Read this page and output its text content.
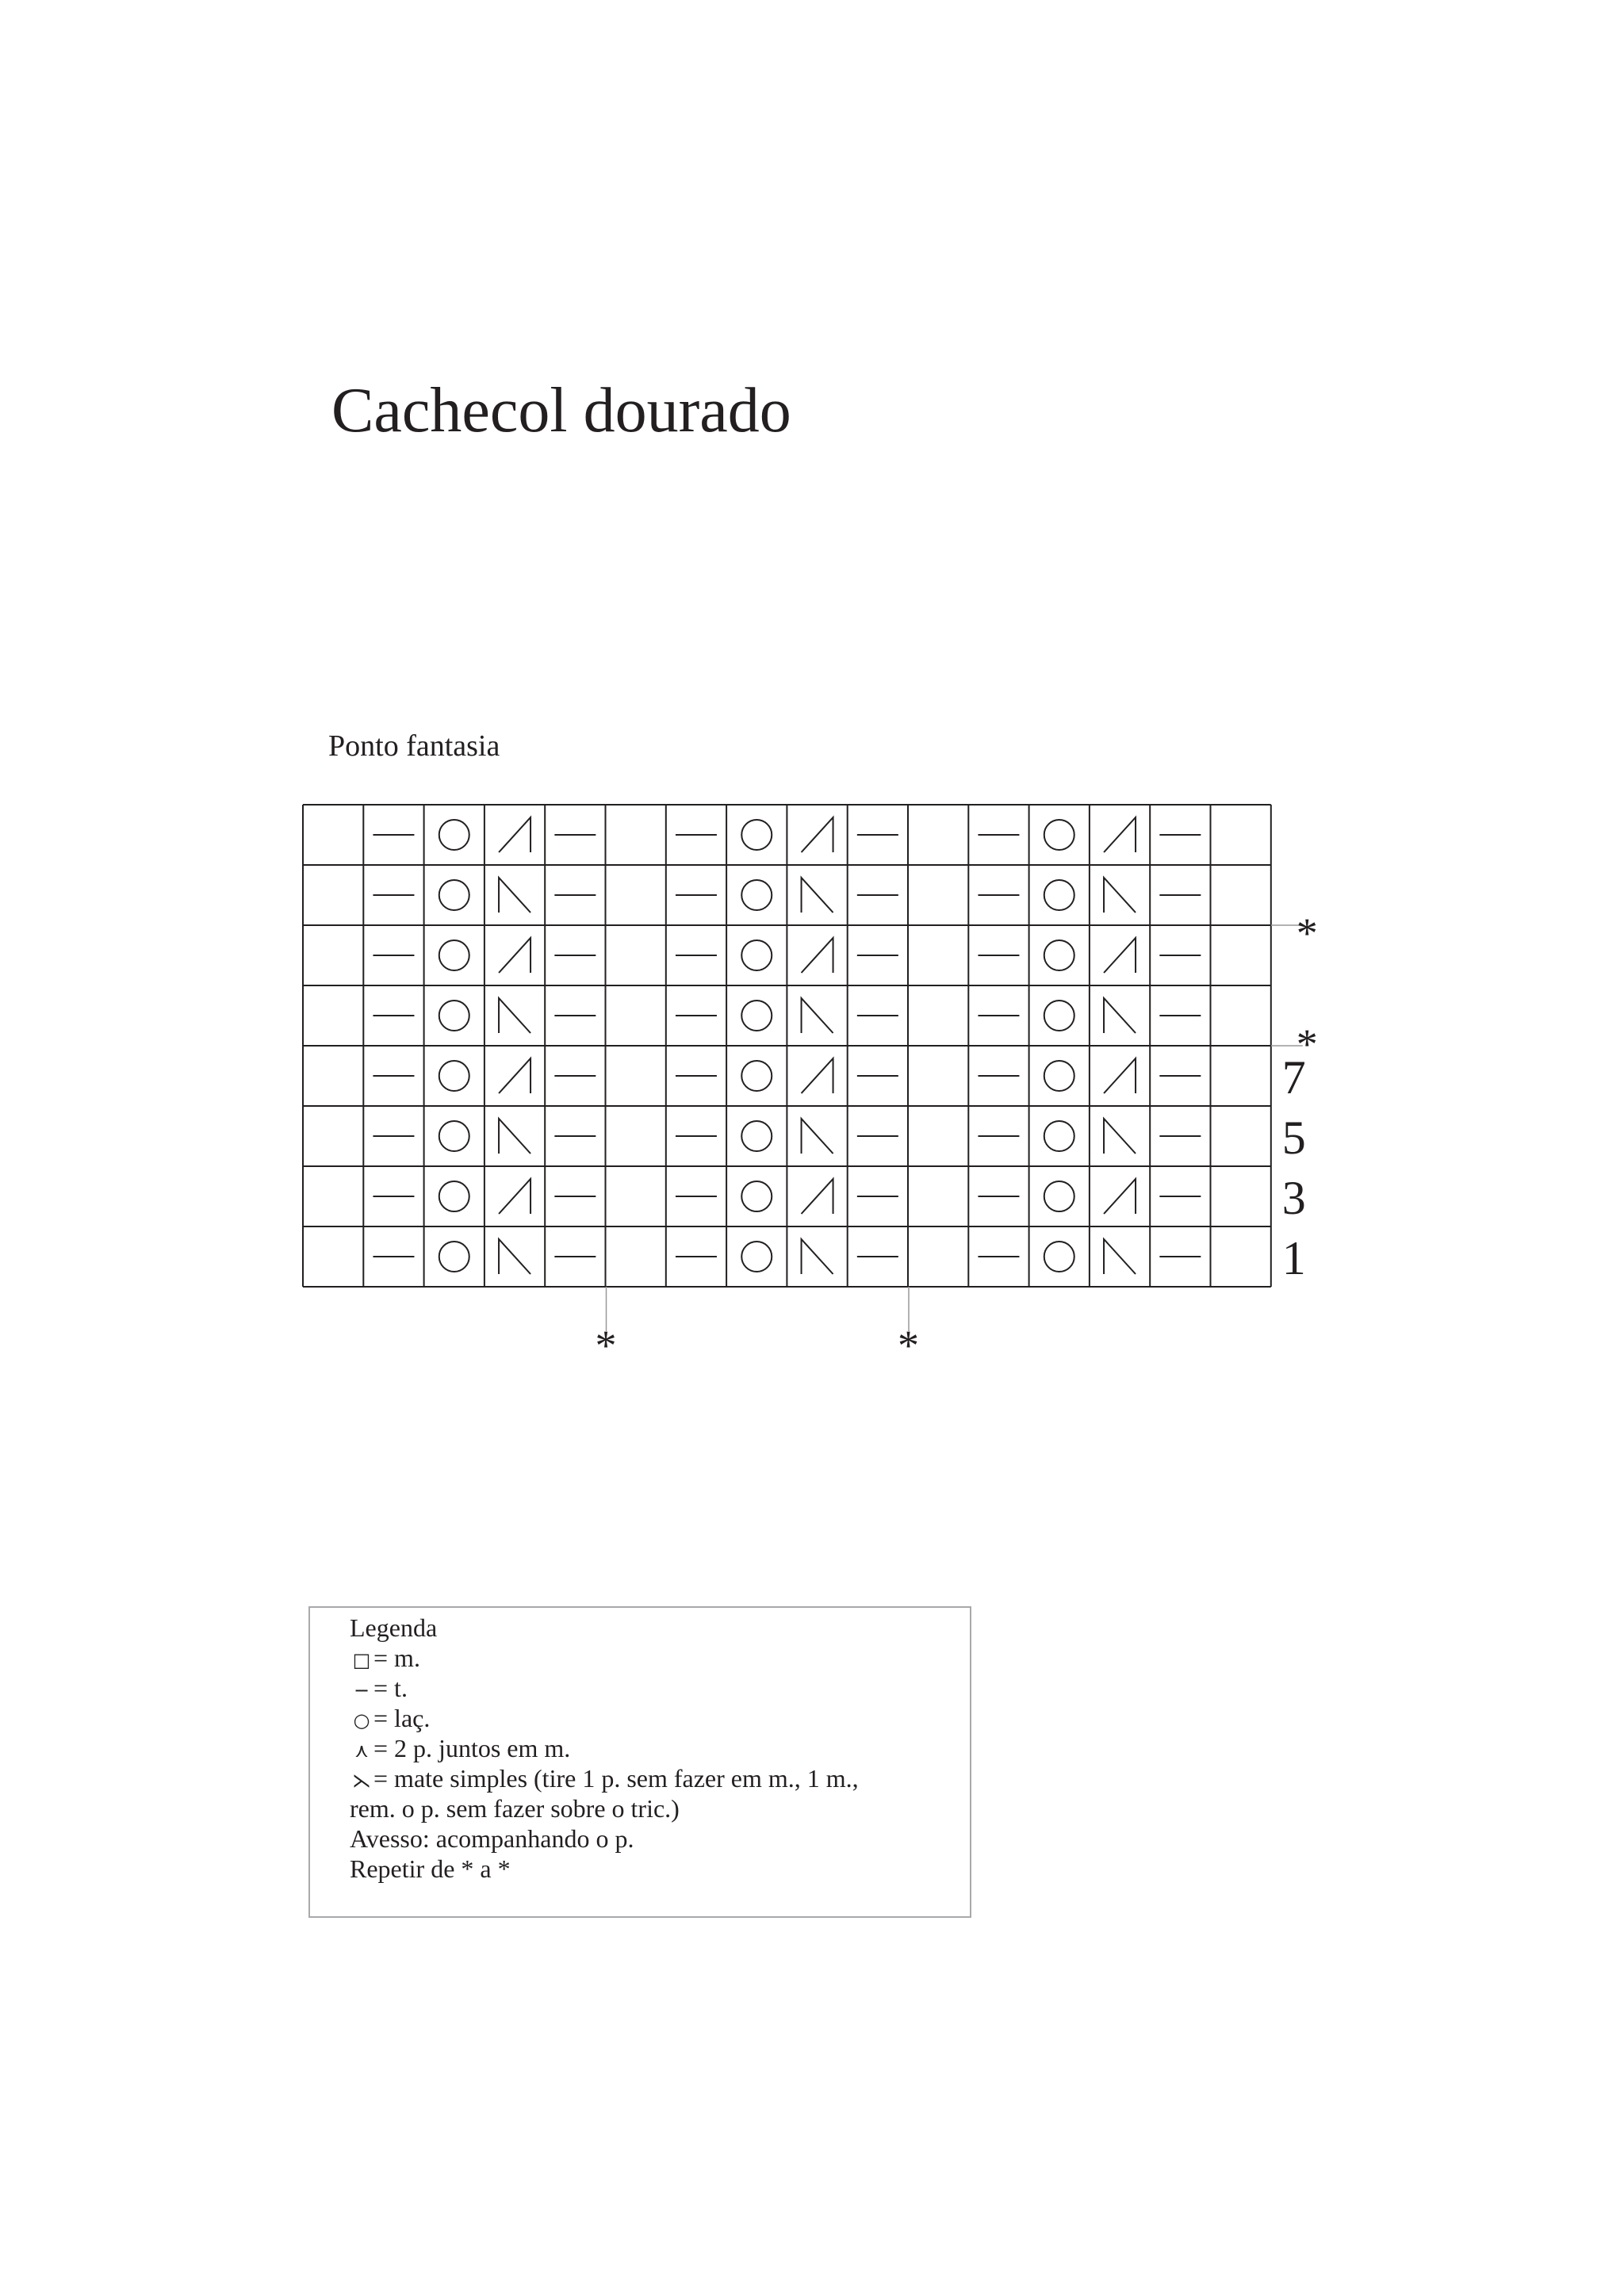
Cachecol dourado
Ponto fantasia
7
5
3
1
*
*
*	*
Legenda
□ = m.
− = t.
○ = laç.
⋏ = 2 p. juntos em m.
⋋= mate simples (tire 1 p. sem fazer em m., 1 m.,
rem. o p. sem fazer sobre o tric.)
Avesso: acompanhando o p.
Repetir de * a *
